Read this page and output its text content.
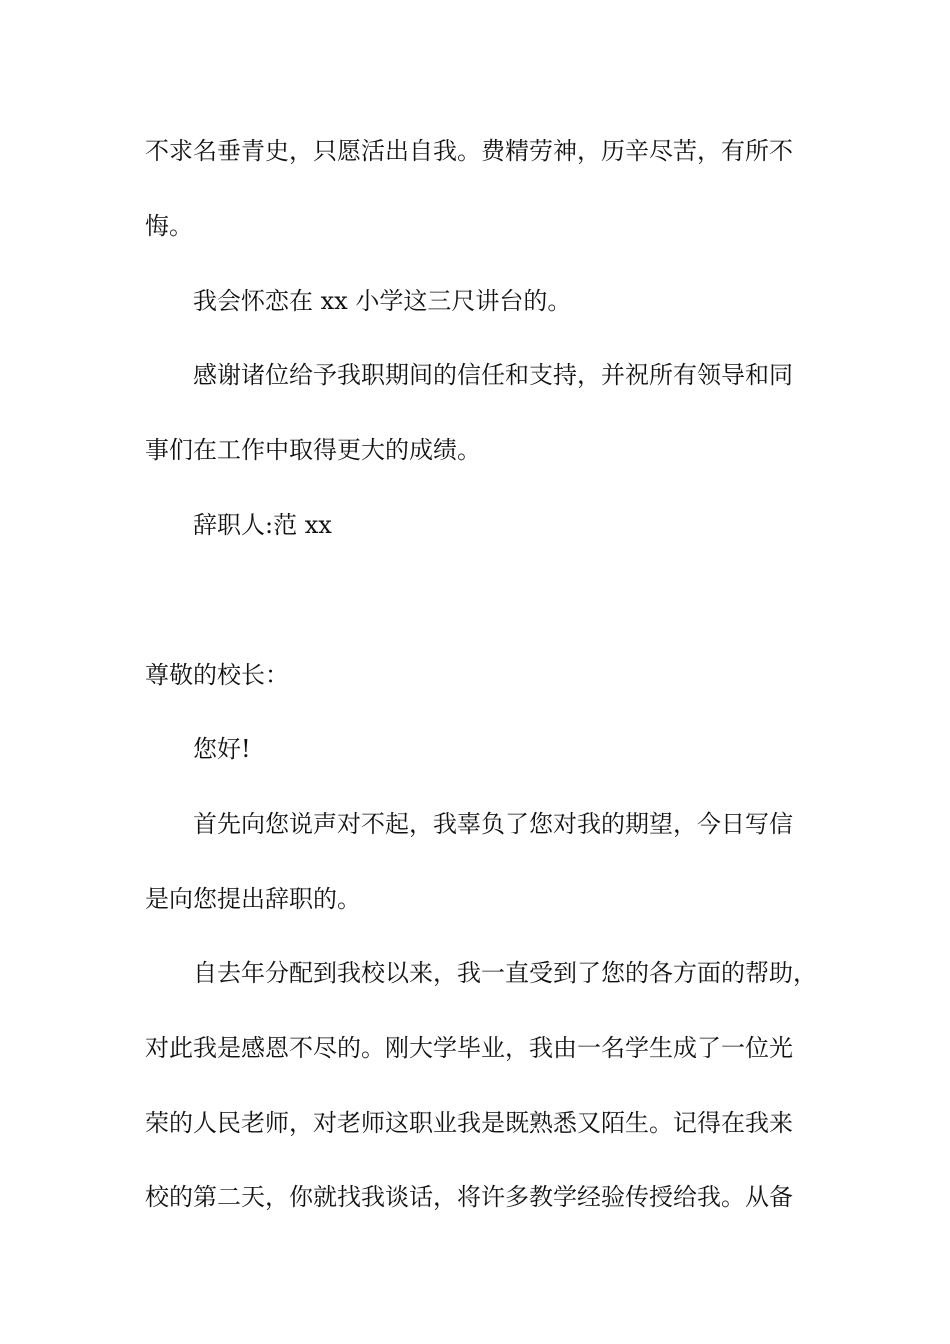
不求名垂青史，只愿活出自我。费精劳神，历辛尽苦，有所不
悔。
我会怀恋在 xx 小学这三尺讲台的。
感谢诸位给予我职期间的信任和支持，并祝所有领导和同
事们在工作中取得更大的成绩。
辞职人:范 xx
尊敬的校长：
您好!
首先向您说声对不起，我辜负了您对我的期望，今日写信
是向您提出辞职的。
自去年分配到我校以来，我一直受到了您的各方面的帮助，
对此我是感恩不尽的。刚大学毕业，我由一名学生成了一位光
荣的人民老师，对老师这职业我是既熟悉又陌生。记得在我来
校的第二天，你就找我谈话，将许多教学经验传授给我。从备
